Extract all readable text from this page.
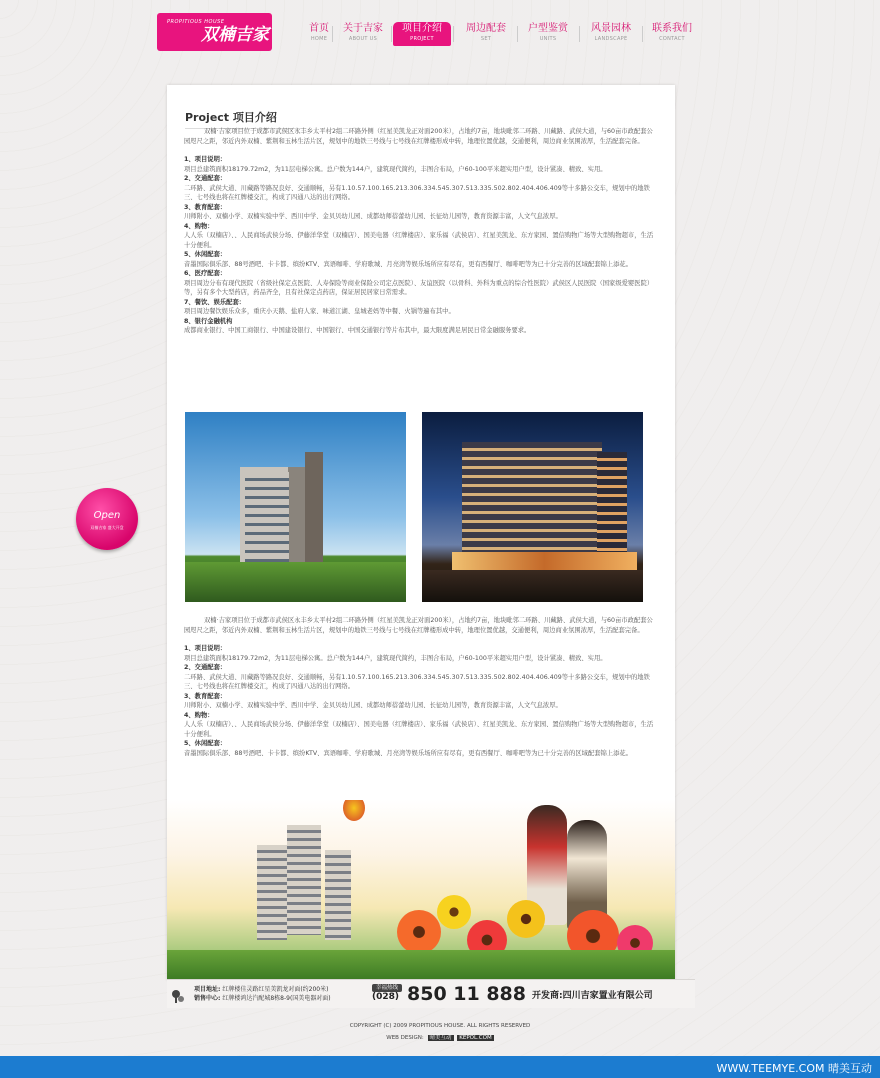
PROPITIOUS HOUSE
双楠吉家	首页
HOME
关于吉家
ABOUT US
项目介绍
PROJECT
周边配套
SET
户型鉴赏
UNITS
风景园林
LANDSCAPE
联系我们
CONTACT
Open
双楠吉家 盛大开盘
Project 项目介绍

双楠·吉家项目位于成都市武侯区永丰乡太平村2组二环路外侧（红星美凯龙正对面200米），占地约7亩，地块毗邻二环路、川藏路、武侯大道，与60亩市政配套公园咫尺之距，邻近内外双楠、紫荆和玉林生活片区，规划中的地铁三号线与七号线在红牌楼形成中转，地理位置优越，交通便利，周边商业氛围浓厚，生活配套完备。

1、项目说明：

项目总建筑面积18179.72m2，为11层电梯公寓。总户数为144户，建筑现代简约，丰图合布局，户60-100平米超实用户型，设计紧凑、精致、实用。

2、交通配套：

二环路、武侯大道、川藏路等路况良好、交通顺畅，另有1.10.57.100.165.213.306.334.545.307.513.335.502.802.404.406.409等十多路公交车，规划中的地铁三、七号线也将在红牌楼交汇，构成了四通八达的出行网络。

3、教育配套：

川师附小、双楠小学、双楠实验中学、西川中学、金贝贝幼儿园、成都幼师蓓蕾幼儿园、长征幼儿园等，教育资源丰富，人文气息浓厚。

4、购物：

人人乐（双楠店）、、人民商场武侯分场、伊藤洋华堂（双楠店）、国美电器（红牌楼店）、家乐福（武侯店）、红星美凯龙、东方家园、置信购物广场等大型购物超市，生活十分便利。

5、休闲配套：

音墨国际俱乐部、88号酒吧、卡卡都、缤纷KTV、宾语咖啡、学府歌城、月亮湾等娱乐场所应有尽有，更有西餐厅、咖啡吧等为已十分完善的区域配套锦上添花。

6、医疗配套：

项目周边分布有现代医院（省级社保定点医院、人寿保险等商业保险公司定点医院）、友谊医院（以骨科、外科为重点的综合性医院）武侯区人民医院（国家级爱婴医院）等，另有多个大型药店，药品齐全，且有社保定点药店，保证居民居家日常需求。

7、餐饮、娱乐配套：

项目周边餐饮娱乐众多，重庆小天鹅、盐府人家、味道江湖、皇城老妈等中餐、火锅等遍布其中。

8、银行金融机构

成都商业银行、中国工商银行、中国建设银行、中国银行、中国交通银行等片布其中，最大限度满足居民日常金融服务要求。

双楠·吉家项目位于成都市武侯区永丰乡太平村2组二环路外侧（红星美凯龙正对面200米），占地约7亩，地块毗邻二环路、川藏路、武侯大道，与60亩市政配套公园咫尺之距，邻近内外双楠、紫荆和玉林生活片区，规划中的地铁三号线与七号线在红牌楼形成中转，地理位置优越，交通便利，周边商业氛围浓厚，生活配套完备。

1、项目说明：

项目总建筑面积18179.72m2，为11层电梯公寓。总户数为144户，建筑现代简约，丰图合布局，户60-100平米超实用户型，设计紧凑、精致、实用。

2、交通配套：

二环路、武侯大道、川藏路等路况良好、交通顺畅，另有1.10.57.100.165.213.306.334.545.307.513.335.502.802.404.406.409等十多路公交车，规划中的地铁三、七号线也将在红牌楼交汇，构成了四通八达的出行网络。

3、教育配套：

川师附小、双楠小学、双楠实验中学、西川中学、金贝贝幼儿园、成都幼师蓓蕾幼儿园、长征幼儿园等，教育资源丰富，人文气息浓厚。

4、购物：

人人乐（双楠店）、、人民商场武侯分场、伊藤洋华堂（双楠店）、国美电器（红牌楼店）、家乐福（武侯店）、红星美凯龙、东方家园、置信购物广场等大型购物超市，生活十分便利。

5、休闲配套：

音墨国际俱乐部、88号酒吧、卡卡都、缤纷KTV、宾语咖啡、学府歌城、月亮湾等娱乐场所应有尽有，更有西餐厅、咖啡吧等为已十分完善的区域配套锦上添花。

项目地址: 红牌楼佳灵路红星美凯龙对面(约200米)
销售中心: 红牌楼鸿达汽配城8栋8-9(国美电器对面)
幸福热线
(028) 850 11 888 开发商:四川吉家置业有限公司
COPYRIGHT (C) 2009 PROPITIOUS HOUSE. ALL RIGHTS RESERVED
WEB DESIGN: 晴美互动 KEPOL.COM
WWW.TEEMYE.COM 晴美互动
